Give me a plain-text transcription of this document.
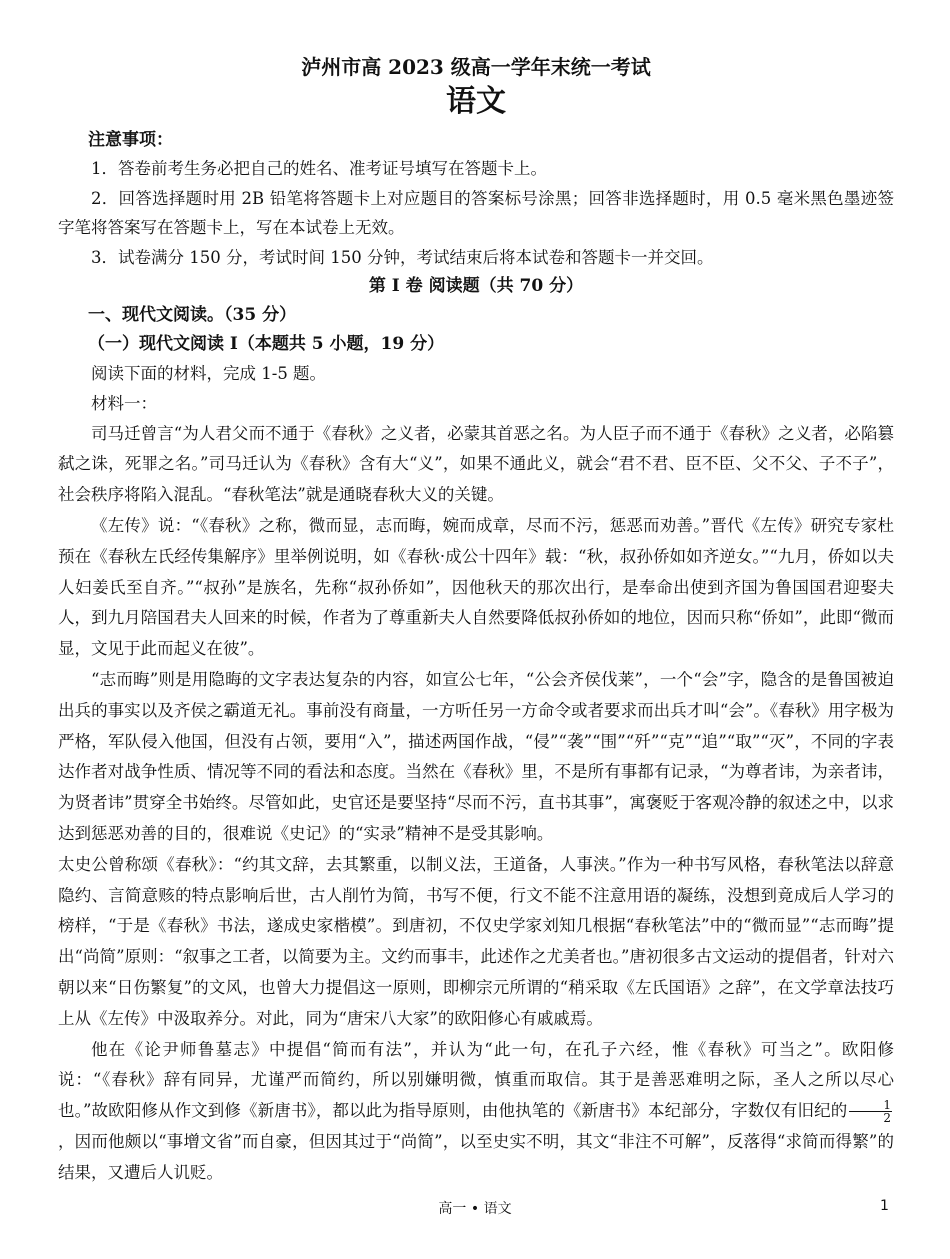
泸州市高 2023 级高一学年末统一考试
语文
注意事项：

1．答卷前考生务必把自己的姓名、准考证号填写在答题卡上。

2．回答选择题时用 2B 铅笔将答题卡上对应题目的答案标号涂黑；回答非选择题时，用 0.5 毫米黑色墨迹签字笔将答案写在答题卡上，写在本试卷上无效。

3．试卷满分 150 分，考试时间 150 分钟，考试结束后将本试卷和答题卡一并交回。

第 I 卷 阅读题（共 70 分）
一、现代文阅读。（35 分）
（一）现代文阅读 I（本题共 5 小题，19 分）

阅读下面的材料，完成 1-5 题。

材料一：

司马迁曾言“为人君父而不通于《春秋》之义者，必蒙其首恶之名。为人臣子而不通于《春秋》之义者，必陷篡弑之诛，死罪之名。”司马迁认为《春秋》含有大“义”，如果不通此义，就会“君不君、臣不臣、父不父、子不子”，社会秩序将陷入混乱。“春秋笔法”就是通晓春秋大义的关键。

《左传》说：“《春秋》之称，微而显，志而晦，婉而成章，尽而不污，惩恶而劝善。”晋代《左传》研究专家杜预在《春秋左氏经传集解序》里举例说明，如《春秋·成公十四年》载：“秋，叔孙侨如如齐逆女。”“九月，侨如以夫人妇姜氏至自齐。”“叔孙”是族名，先称“叔孙侨如”，因他秋天的那次出行，是奉命出使到齐国为鲁国国君迎娶夫人，到九月陪国君夫人回来的时候，作者为了尊重新夫人自然要降低叔孙侨如的地位，因而只称“侨如”，此即“微而显，文见于此而起义在彼”。

“志而晦”则是用隐晦的文字表达复杂的内容，如宣公七年，“公会齐侯伐莱”，一个“会”字，隐含的是鲁国被迫出兵的事实以及齐侯之霸道无礼。事前没有商量，一方听任另一方命令或者要求而出兵才叫“会”。《春秋》用字极为严格，军队侵入他国，但没有占领，要用“入”，描述两国作战，“侵”“袭”“围”“歼”“克”“追”“取”“灭”，不同的字表达作者对战争性质、情况等不同的看法和态度。当然在《春秋》里，不是所有事都有记录，“为尊者讳，为亲者讳，为贤者讳”贯穿全书始终。尽管如此，史官还是要坚持“尽而不污，直书其事”，寓褒贬于客观冷静的叙述之中，以求达到惩恶劝善的目的，很难说《史记》的“实录”精神不是受其影响。

太史公曾称颂《春秋》：“约其文辞，去其繁重，以制义法，王道备，人事浃。”作为一种书写风格，春秋笔法以辞意隐约、言简意赅的特点影响后世，古人削竹为简，书写不便，行文不能不注意用语的凝练，没想到竟成后人学习的榜样，“于是《春秋》书法，遂成史家楷模”。到唐初，不仅史学家刘知几根据“春秋笔法”中的“微而显”“志而晦”提出“尚简”原则：“叙事之工者，以简要为主。文约而事丰，此述作之尤美者也。”唐初很多古文运动的提倡者，针对六朝以来“日伤繁复”的文风，也曾大力提倡这一原则，即柳宗元所谓的“稍采取《左氏国语》之辞”，在文学章法技巧上从《左传》中汲取养分。对此，同为“唐宋八大家”的欧阳修心有戚戚焉。

他在《论尹师鲁墓志》中提倡“简而有法”，并认为“此一句，在孔子六经，惟《春秋》可当之”。欧阳修说：“《春秋》辞有同异，尤谨严而简约，所以别嫌明微，慎重而取信。其于是善恶难明之际，圣人之所以尽心也。”故欧阳修从作文到修《新唐书》，都以此为指导原则，由他执笔的《新唐书》本纪部分，字数仅有旧纪的 $\frac{1}{2}$
，因而他颇以“事增文省”而自豪，但因其过于“尚简”，以至史实不明，其文“非注不可解”，反落得“求简而得繁”的结果，又遭后人讥贬。

高一 • 语文	1
